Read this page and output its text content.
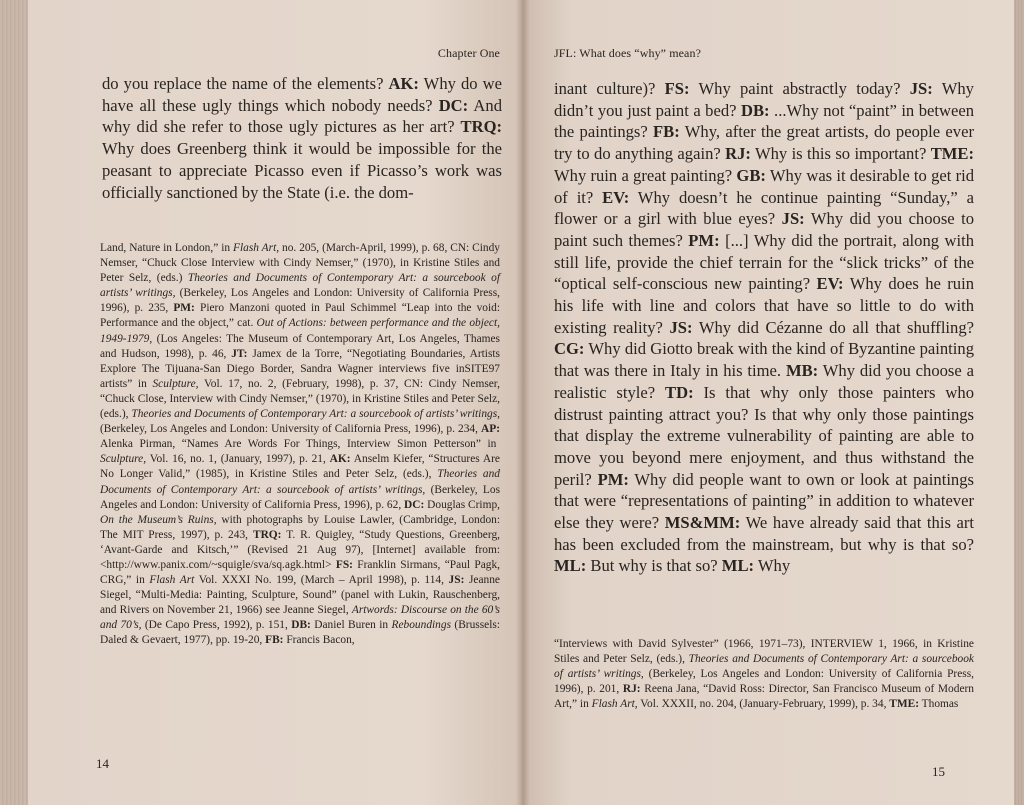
Chapter One
do you replace the name of the elements? AK: Why do we have all these ugly things which nobody needs? DC: And why did she refer to those ugly pictures as her art? TRQ: Why does Greenberg think it would be impossible for the peasant to appreciate Picasso even if Picasso’s work was officially sanctioned by the State (i.e. the dom-
Land, Nature in London,” in Flash Art, no. 205, (March-April, 1999), p. 68, CN: Cindy Nemser, “Chuck Close Interview with Cindy Nemser,” (1970), in Kristine Stiles and Peter Selz, (eds.) Theories and Documents of Contemporary Art: a sourcebook of artists’ writings, (Berkeley, Los Angeles and London: University of California Press, 1996), p. 235, PM: Piero Manzoni quoted in Paul Schimmel “Leap into the void: Performance and the object,” cat. Out of Actions: between performance and the object, 1949-1979, (Los Angeles: The Museum of Contemporary Art, Los Angeles, Thames and Hudson, 1998), p. 46, JT: Jamex de la Torre, “Negotiating Boundaries, Artists Explore The Tijuana-San Diego Border, Sandra Wagner interviews five inSITE97 artists” in Sculpture, Vol. 17, no. 2, (February, 1998), p. 37, CN: Cindy Nemser, “Chuck Close, Interview with Cindy Nemser,” (1970), in Kristine Stiles and Peter Selz, (eds.), Theories and Documents of Contemporary Art: a sourcebook of artists’ writings, (Berkeley, Los Angeles and London: University of California Press, 1996), p. 234, AP: Alenka Pirman, “Names Are Words For Things, Interview Simon Petterson” in Sculpture, Vol. 16, no. 1, (January, 1997), p. 21, AK: Anselm Kiefer, “Structures Are No Longer Valid,” (1985), in Kristine Stiles and Peter Selz, (eds.), Theories and Documents of Contemporary Art: a sourcebook of artists’ writings, (Berkeley, Los Angeles and London: University of California Press, 1996), p. 62, DC: Douglas Crimp, On the Museum’s Ruins, with photographs by Louise Lawler, (Cambridge, London: The MIT Press, 1997), p. 243, TRQ: T. R. Quigley, “Study Questions, Greenberg, ‘Avant-Garde and Kitsch,’” (Revised 21 Aug 97), [Internet] available from: <http://www.panix.com/~squigle/sva/sq.agk.html> FS: Franklin Sirmans, “Paul Pagk, CRG,” in Flash Art Vol. XXXI No. 199, (March – April 1998), p. 114, JS: Jeanne Siegel, “Multi-Media: Painting, Sculpture, Sound” (panel with Lukin, Rauschenberg, and Rivers on November 21, 1966) see Jeanne Siegel, Artwords: Discourse on the 60’s and 70’s, (De Capo Press, 1992), p. 151, DB: Daniel Buren in Reboundings (Brussels: Daled & Gevaert, 1977), pp. 19-20, FB: Francis Bacon,
14
JFL: What does “why” mean?
inant culture)? FS: Why paint abstractly today? JS: Why didn’t you just paint a bed? DB: ...Why not “paint” in between the paintings? FB: Why, after the great artists, do people ever try to do anything again? RJ: Why is this so important? TME: Why ruin a great painting? GB: Why was it desirable to get rid of it? EV: Why doesn’t he continue painting “Sunday,” a flower or a girl with blue eyes? JS: Why did you choose to paint such themes? PM: [...] Why did the portrait, along with still life, provide the chief terrain for the “slick tricks” of the “optical self-conscious new painting? EV: Why does he ruin his life with line and colors that have so little to do with existing reality? JS: Why did Cézanne do all that shuffling? CG: Why did Giotto break with the kind of Byzantine painting that was there in Italy in his time. MB: Why did you choose a realistic style? TD: Is that why only those painters who distrust painting attract you? Is that why only those paintings that display the extreme vulnerability of painting are able to move you beyond mere enjoyment, and thus withstand the peril? PM: Why did people want to own or look at paintings that were “representations of painting” in addition to whatever else they were? MS&MM: We have already said that this art has been excluded from the mainstream, but why is that so? ML: But why is that so? ML: Why
“Interviews with David Sylvester” (1966, 1971–73), INTERVIEW 1, 1966, in Kristine Stiles and Peter Selz, (eds.), Theories and Documents of Contemporary Art: a sourcebook of artists’ writings, (Berkeley, Los Angeles and London: University of California Press, 1996), p. 201, RJ: Reena Jana, “David Ross: Director, San Francisco Museum of Modern Art,” in Flash Art, Vol. XXXII, no. 204, (January-February, 1999), p. 34, TME: Thomas
15
